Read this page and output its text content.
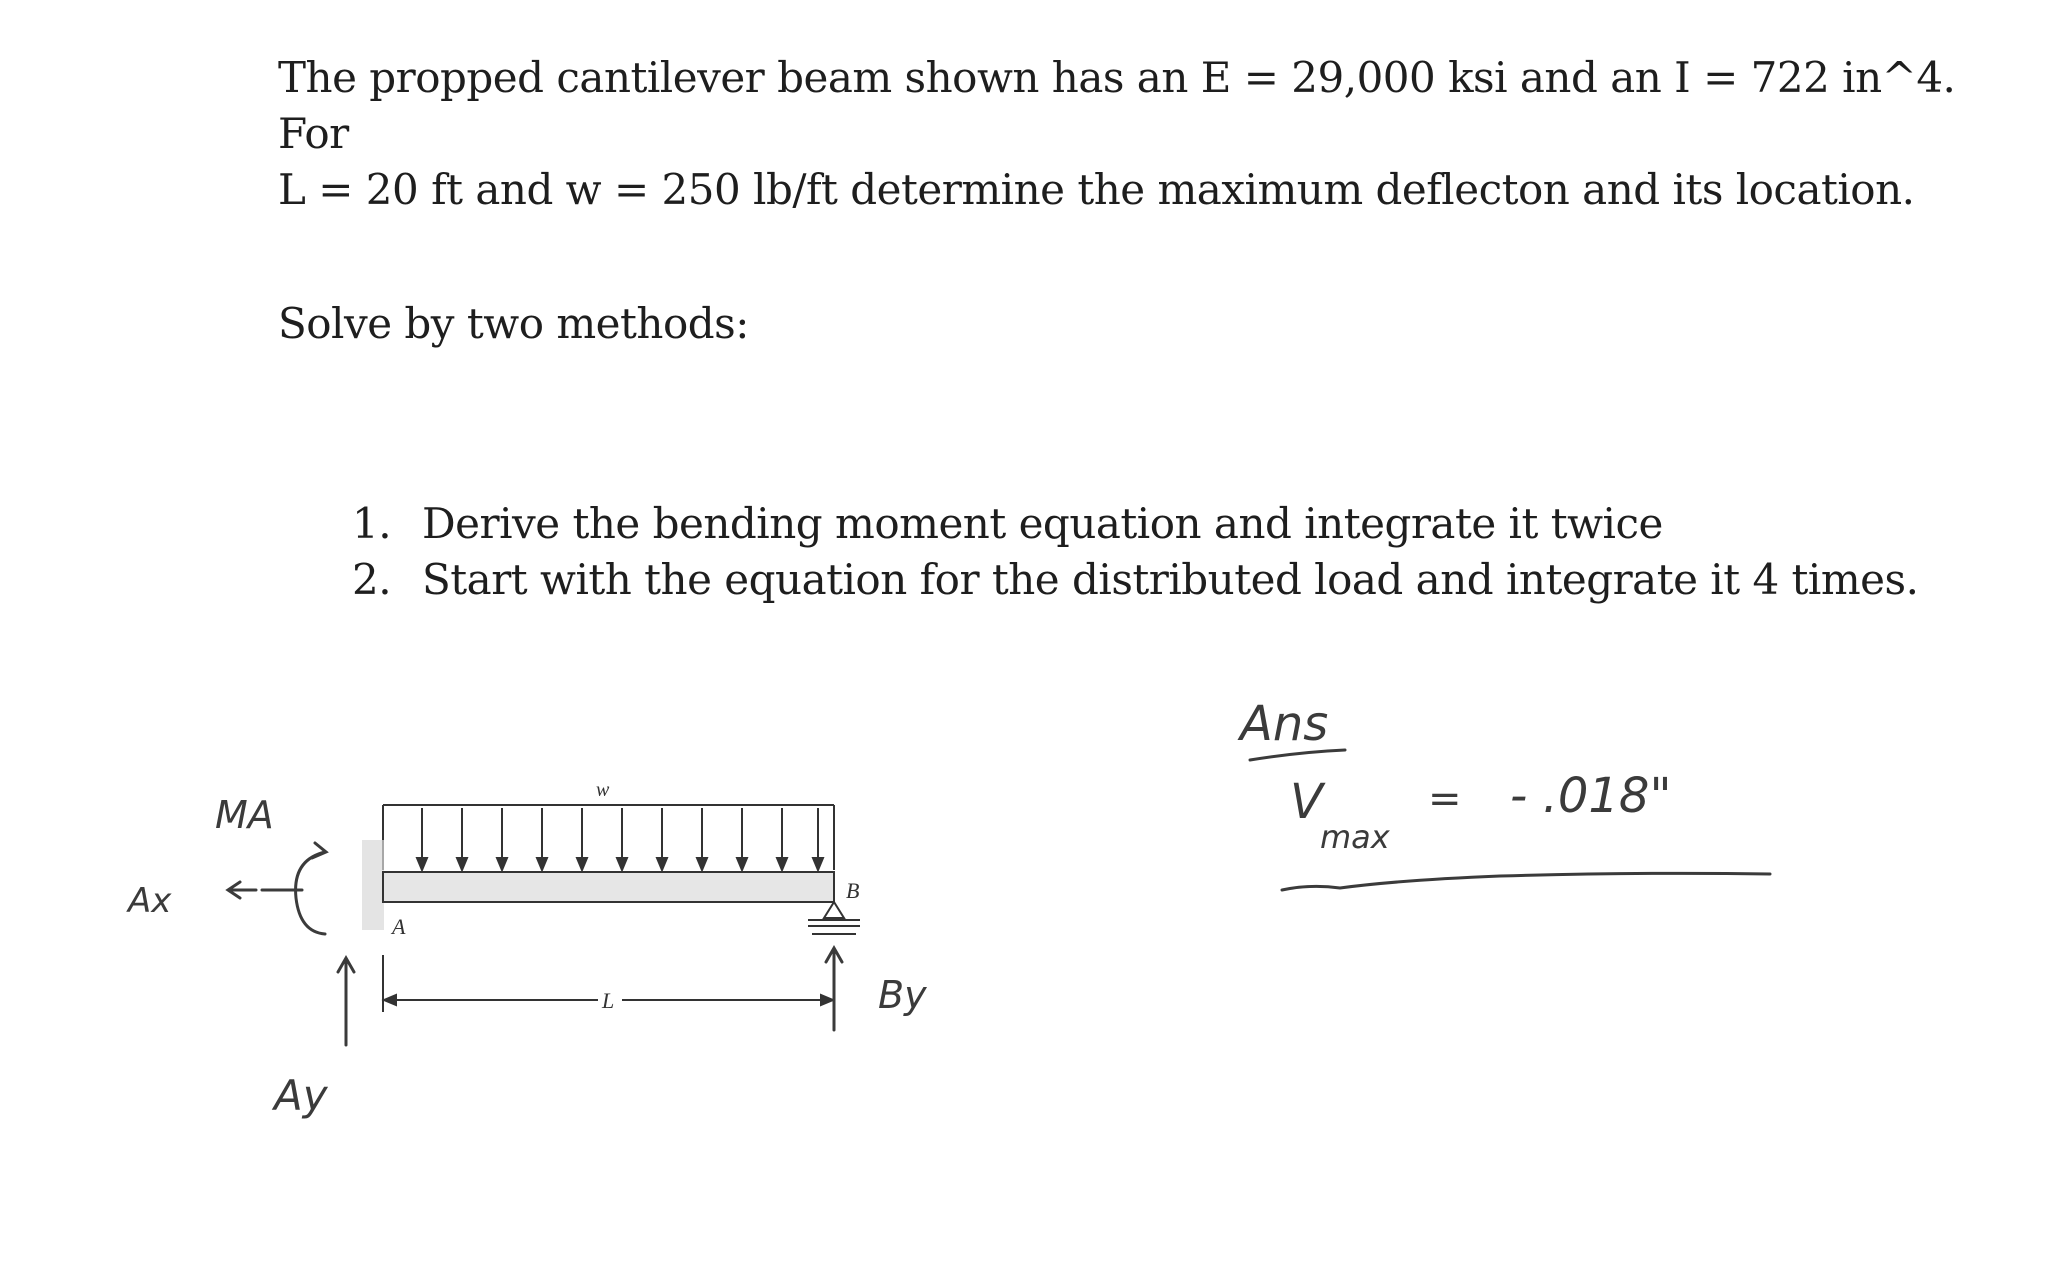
The propped cantilever beam shown has an E = 29,000 ksi and an I = 722 in^4. For

L = 20 ft and w = 250 lb/ft determine the maximum deflecton and its location.

Solve by two methods:

1. Derive the bending moment equation and integrate it twice
2. Start with the equation for the distributed load and integrate it 4 times.
w
A
B
L
MA
Ax
Ay
By
Ans
V
max
= - .018"
